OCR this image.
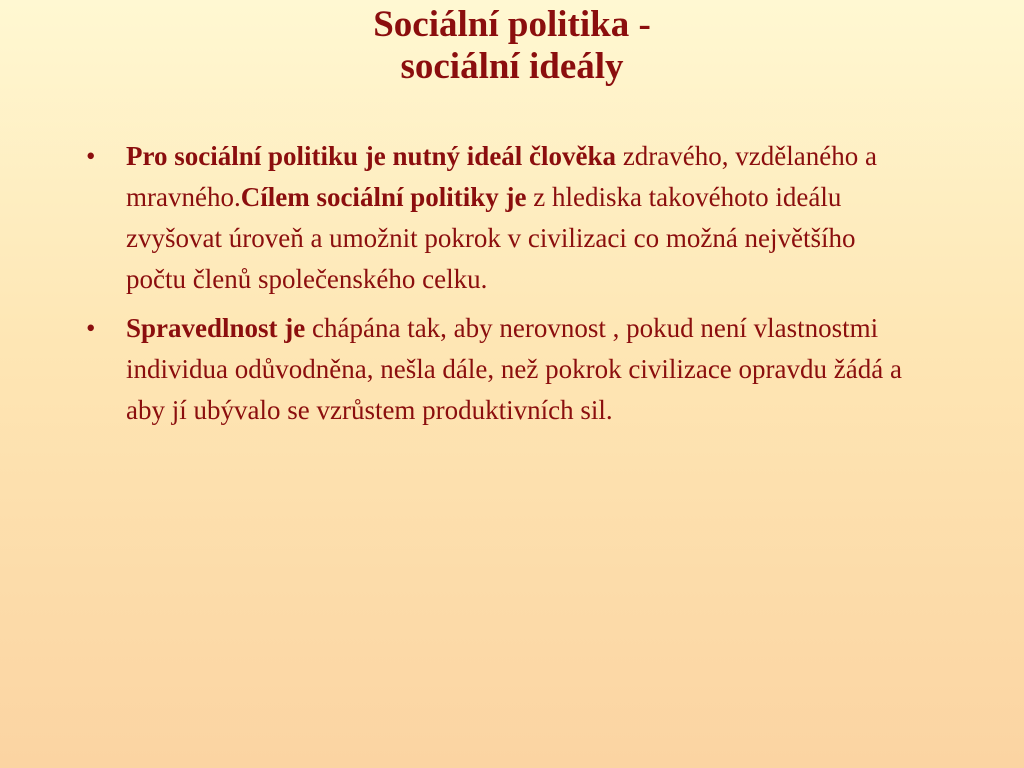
Sociální politika -
sociální ideály
• Pro sociální politiku je nutný ideál člověka zdravého, vzdělaného a mravného.Cílem sociální politiky je z hlediska takovéhoto ideálu zvyšovat úroveň a umožnit pokrok v civilizaci co možná největšího počtu členů společenského celku.
• Spravedlnost je chápána tak, aby nerovnost , pokud není vlastnostmi individua odůvodněna, nešla dále, než pokrok civilizace opravdu žádá a aby jí ubývalo se vzrůstem produktivních sil.
